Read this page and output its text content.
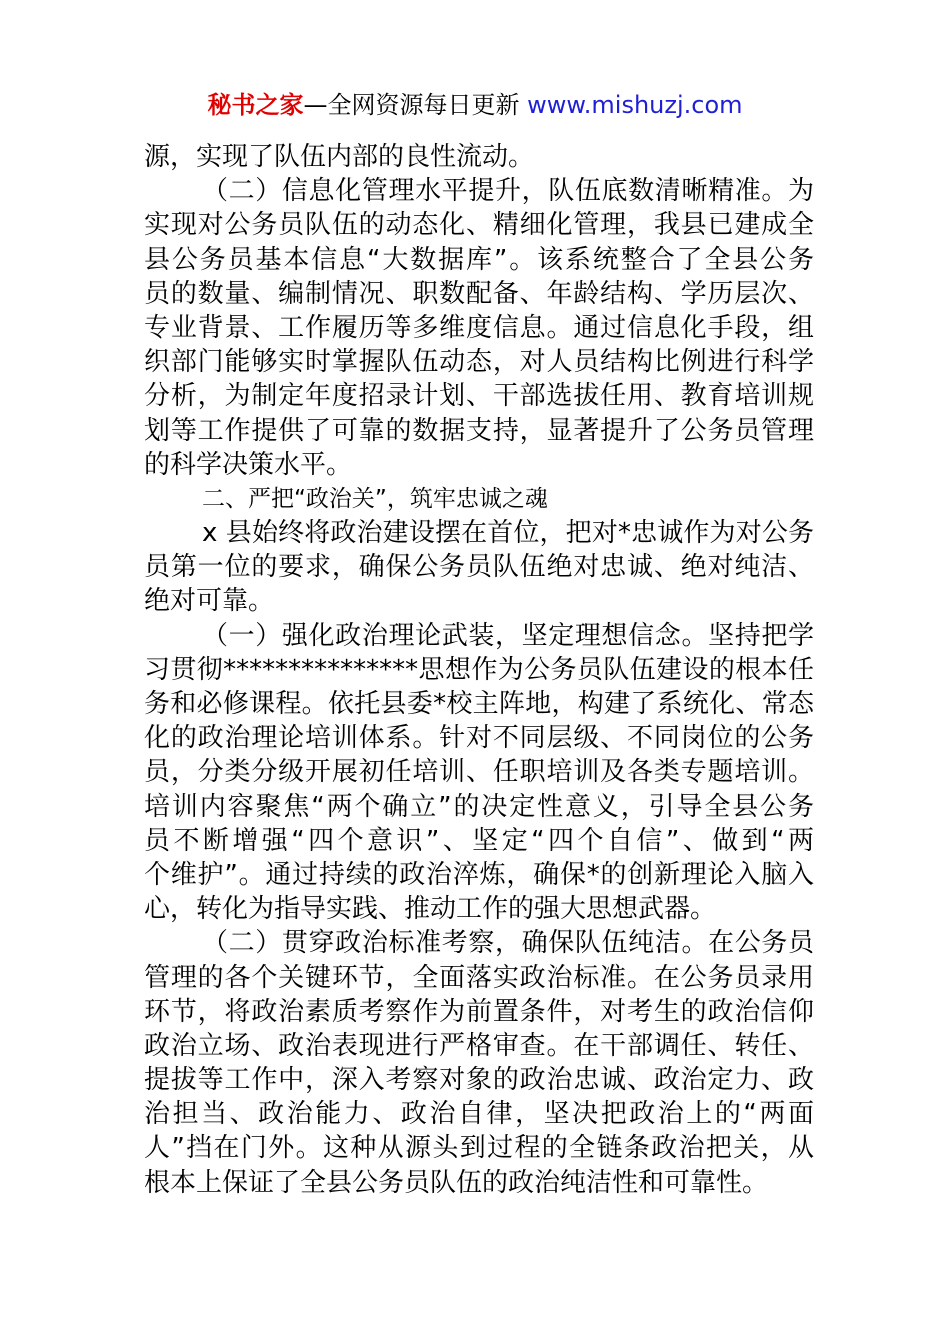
秘书之家—全网资源每日更新 www.mishuzj.com
源，实现了队伍内部的良性流动。
（二）信息化管理水平提升，队伍底数清晰精准。为
实现对公务员队伍的动态化、精细化管理，我县已建成全
县公务员基本信息“大数据库”。该系统整合了全县公务
员的数量、编制情况、职数配备、年龄结构、学历层次、
专业背景、工作履历等多维度信息。通过信息化手段，组
织部门能够实时掌握队伍动态，对人员结构比例进行科学
分析，为制定年度招录计划、干部选拔任用、教育培训规
划等工作提供了可靠的数据支持，显著提升了公务员管理
的科学决策水平。
二、严把“政治关”，筑牢忠诚之魂
x 县始终将政治建设摆在首位，把对*忠诚作为对公务
员第一位的要求，确保公务员队伍绝对忠诚、绝对纯洁、
绝对可靠。
（一）强化政治理论武装，坚定理想信念。坚持把学
习贯彻***************思想作为公务员队伍建设的根本任
务和必修课程。依托县委*校主阵地，构建了系统化、常态
化的政治理论培训体系。针对不同层级、不同岗位的公务
员，分类分级开展初任培训、任职培训及各类专题培训。
培训内容聚焦“两个确立”的决定性意义，引导全县公务
员不断增强“四个意识”、坚定“四个自信”、做到“两
个维护”。通过持续的政治淬炼，确保*的创新理论入脑入
心，转化为指导实践、推动工作的强大思想武器。
（二）贯穿政治标准考察，确保队伍纯洁。在公务员
管理的各个关键环节，全面落实政治标准。在公务员录用
环节，将政治素质考察作为前置条件，对考生的政治信仰
政治立场、政治表现进行严格审查。在干部调任、转任、
提拔等工作中，深入考察对象的政治忠诚、政治定力、政
治担当、政治能力、政治自律，坚决把政治上的“两面
人”挡在门外。这种从源头到过程的全链条政治把关，从
根本上保证了全县公务员队伍的政治纯洁性和可靠性。
